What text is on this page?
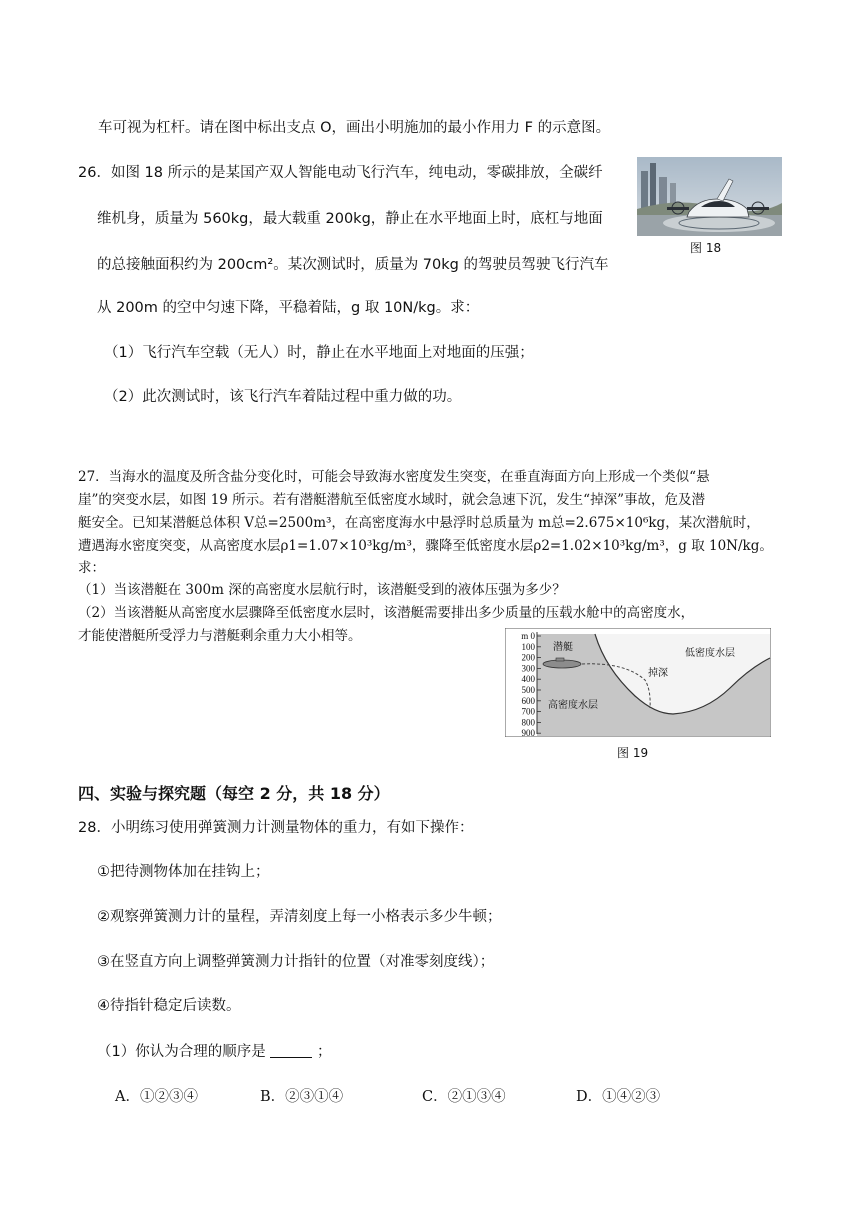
车可视为杠杆。请在图中标出支点 O，画出小明施加的最小作用力 F 的示意图。
26．如图 18 所示的是某国产双人智能电动飞行汽车，纯电动，零碳排放，全碳纤
维机身，质量为 560kg，最大载重 200kg，静止在水平地面上时，底杠与地面
的总接触面积约为 200cm²。某次测试时，质量为 70kg 的驾驶员驾驶飞行汽车
从 200m 的空中匀速下降，平稳着陆，g 取 10N/kg。求：
（1）飞行汽车空载（无人）时，静止在水平地面上对地面的压强；
（2）此次测试时，该飞行汽车着陆过程中重力做的功。
图 18
27．当海水的温度及所含盐分变化时，可能会导致海水密度发生突变，在垂直海面方向上形成一个类似“悬
崖”的突变水层，如图 19 所示。若有潜艇潜航至低密度水域时，就会急速下沉，发生“掉深”事故，危及潜
艇安全。已知某潜艇总体积 V总=2500m³，在高密度海水中悬浮时总质量为 m总=2.675×10⁶kg，某次潜航时，
遭遇海水密度突变，从高密度水层ρ1=1.07×10³kg/m³，骤降至低密度水层ρ2=1.02×10³kg/m³，g 取 10N/kg。
求：
（1）当该潜艇在 300m 深的高密度水层航行时，该潜艇受到的液体压强为多少？
（2）当该潜艇从高密度水层骤降至低密度水层时，该潜艇需要排出多少质量的压载水舱中的高密度水，
才能使潜艇所受浮力与潜艇剩余重力大小相等。	m 0
100
200
300
400
500
600
700
800
900
潜艇
低密度水层
掉深
高密度水层
图 19
四、实验与探究题（每空 2 分，共 18 分）
28．小明练习使用弹簧测力计测量物体的重力，有如下操作：
①把待测物体加在挂钩上；
②观察弹簧测力计的量程，弄清刻度上每一小格表示多少牛顿；
③在竖直方向上调整弹簧测力计指针的位置（对准零刻度线）；
④待指针稳定后读数。
（1）你认为合理的顺序是	；
A．①②③④	B．②③①④	C．②①③④	D．①④②③
